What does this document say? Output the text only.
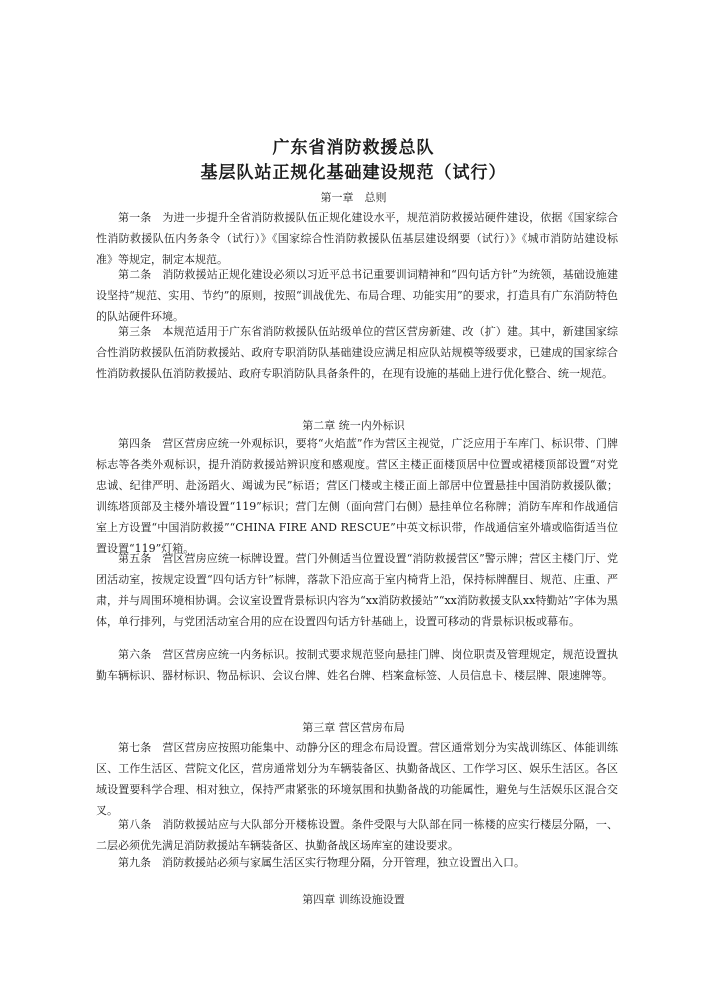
广东省消防救援总队
基层队站正规化基础建设规范（试行）
第一章　总则

第一条 为进一步提升全省消防救援队伍正规化建设水平，规范消防救援站硬件建设，依据《国家综合性消防救援队伍内务条令（试行）》《国家综合性消防救援队伍基层建设纲要（试行）》《城市消防站建设标准》等规定，制定本规范。

第二条 消防救援站正规化建设必须以习近平总书记重要训词精神和“四句话方针”为统领，基础设施建设坚持“规范、实用、节约”的原则，按照“训战优先、布局合理、功能实用”的要求，打造具有广东消防特色的队站硬件环境。

第三条 本规范适用于广东省消防救援队伍站级单位的营区营房新建、改（扩）建。其中，新建国家综合性消防救援队伍消防救援站、政府专职消防队基础建设应满足相应队站规模等级要求，已建成的国家综合性消防救援队伍消防救援站、政府专职消防队具备条件的，在现有设施的基础上进行优化整合、统一规范。

第二章 统一内外标识

第四条 营区营房应统一外观标识，要将“火焰蓝”作为营区主视觉，广泛应用于车库门、标识带、门牌标志等各类外观标识，提升消防救援站辨识度和感观度。营区主楼正面楼顶居中位置或裙楼顶部设置“对党忠诚、纪律严明、赴汤蹈火、竭诚为民”标语；营区门楼或主楼正面上部居中位置悬挂中国消防救援队徽；训练塔顶部及主楼外墙设置“119”标识；营门左侧（面向营门右侧）悬挂单位名称牌；消防车库和作战通信室上方设置“中国消防救援”“CHINA FIRE AND RESCUE”中英文标识带，作战通信室外墙或临街适当位置设置“119”灯箱。

第五条 营区营房应统一标牌设置。营门外侧适当位置设置“消防救援营区”警示牌；营区主楼门厅、党团活动室，按规定设置“四句话方针”标牌，落款下沿应高于室内椅背上沿，保持标牌醒目、规范、庄重、严肃，并与周围环境相协调。会议室设置背景标识内容为“xx消防救援站”“xx消防救援支队xx特勤站”字体为黑体，单行排列，与党团活动室合用的应在设置四句话方针基础上，设置可移动的背景标识板或幕布。

第六条 营区营房应统一内务标识。按制式要求规范竖向悬挂门牌、岗位职责及管理规定，规范设置执勤车辆标识、器材标识、物品标识、会议台牌、姓名台牌、档案盒标签、人员信息卡、楼层牌、限速牌等。

第三章 营区营房布局

第七条 营区营房应按照功能集中、动静分区的理念布局设置。营区通常划分为实战训练区、体能训练区、工作生活区、营院文化区，营房通常划分为车辆装备区、执勤备战区、工作学习区、娱乐生活区。各区域设置要科学合理、相对独立，保持严肃紧张的环境氛围和执勤备战的功能属性，避免与生活娱乐区混合交叉。

第八条 消防救援站应与大队部分开楼栋设置。条件受限与大队部在同一栋楼的应实行楼层分隔，一、二层必须优先满足消防救援站车辆装备区、执勤备战区场库室的建设要求。

第九条 消防救援站必须与家属生活区实行物理分隔，分开管理，独立设置出入口。

第四章 训练设施设置
